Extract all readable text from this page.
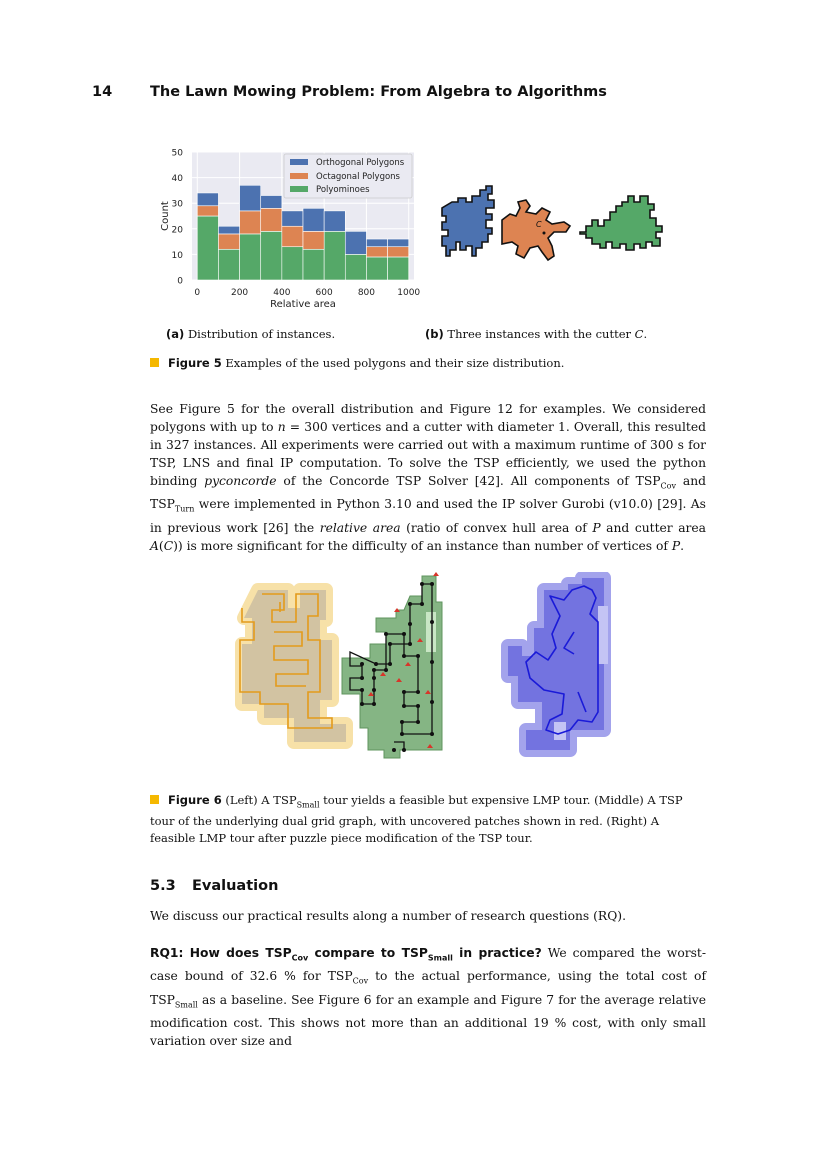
14	The Lawn Mowing Problem: From Algebra to Algorithms
0
10
20
30
40
50
0	200	400	600	800 1000
Relative area
Count
Orthogonal Polygons
Octagonal Polygons
Polyominoes
C
(a) Distribution of instances.	(b) Three instances with the cutter C.
Figure 5 Examples of the used polygons and their size distribution.
See Figure 5 for the overall distribution and Figure 12 for examples. We considered polygons with up to n = 300 vertices and a cutter with diameter 1. Overall, this resulted in 327 instances. All experiments were carried out with a maximum runtime of 300 s for TSP, LNS and final IP computation. To solve the TSP efficiently, we used the python binding pyconcorde of the Concorde TSP Solver [42]. All components of $TSP_{Cov}$ and $TSP_{Turn}$ were implemented in Python 3.10 and used the IP solver Gurobi (v10.0) [29]. As in previous work [26] the relative area (ratio of convex hull area of P and cutter area A(C)) is more significant for the difficulty of an instance than number of vertices of P.
Figure 6 (Left) A $TSP_{Small}$ tour yields a feasible but expensive LMP tour. (Middle) A TSP tour of the underlying dual grid graph, with uncovered patches shown in red. (Right) A feasible LMP tour after puzzle piece modification of the TSP tour.
5.3 Evaluation
We discuss our practical results along a number of research questions (RQ).
RQ1: How does $TSP_{Cov}$ compare to $TSP_{Small}$ in practice? We compared the worst-case bound of 32.6 % for $TSP_{Cov}$ to the actual performance, using the total cost of $TSP_{Small}$ as a baseline. See Figure 6 for an example and Figure 7 for the average relative modification cost. This shows not more than an additional 19 % cost, with only small variation over size and
